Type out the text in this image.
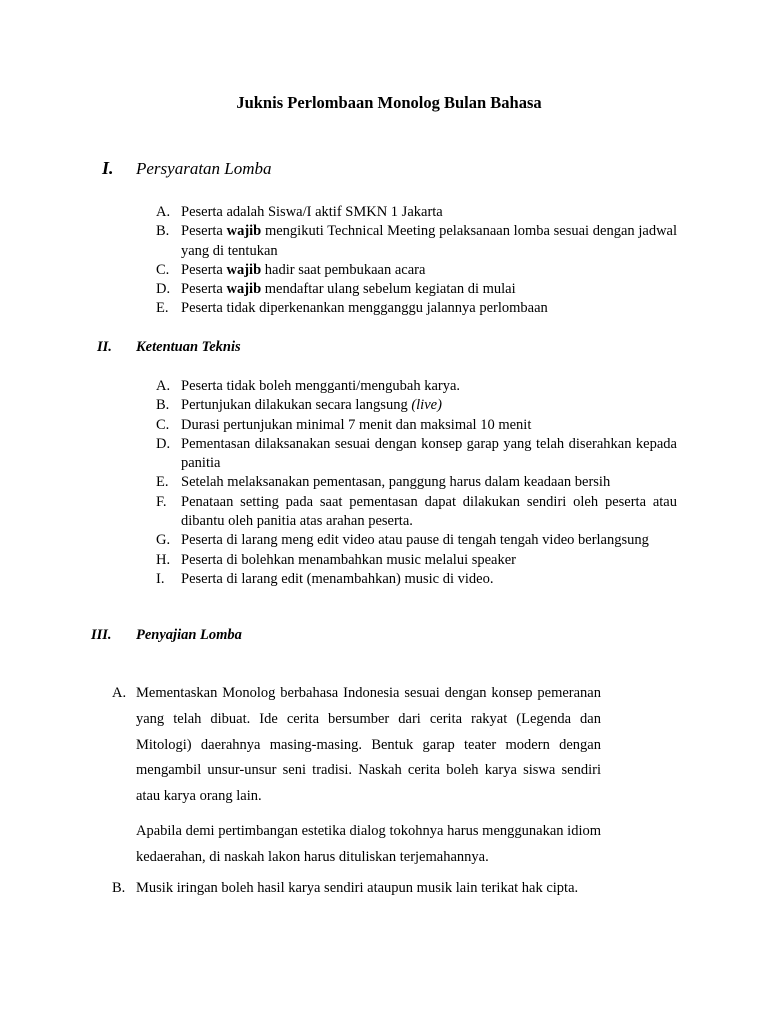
Juknis Perlombaan Monolog Bulan Bahasa
I. Persyaratan Lomba
A. Peserta adalah Siswa/I aktif SMKN 1 Jakarta
B. Peserta wajib mengikuti Technical Meeting pelaksanaan lomba sesuai dengan jadwal yang di tentukan
C. Peserta wajib hadir saat pembukaan acara
D. Peserta wajib mendaftar ulang sebelum kegiatan di mulai
E. Peserta tidak diperkenankan mengganggu jalannya perlombaan
II. Ketentuan Teknis
A. Peserta tidak boleh mengganti/mengubah karya.
B. Pertunjukan dilakukan secara langsung (live)
C. Durasi pertunjukan minimal 7 menit dan maksimal 10 menit
D. Pementasan dilaksanakan sesuai dengan konsep garap yang telah diserahkan kepada panitia
E. Setelah melaksanakan pementasan, panggung harus dalam keadaan bersih
F. Penataan setting pada saat pementasan dapat dilakukan sendiri oleh peserta atau dibantu oleh panitia atas arahan peserta.
G. Peserta di larang meng edit video atau pause di tengah tengah video berlangsung
H. Peserta di bolehkan menambahkan music melalui speaker
I. Peserta di larang edit (menambahkan) music di video.
III. Penyajian Lomba
A. Mementaskan Monolog berbahasa Indonesia sesuai dengan konsep pemeranan yang telah dibuat. Ide cerita bersumber dari cerita rakyat (Legenda dan Mitologi) daerahnya masing-masing. Bentuk garap teater modern dengan mengambil unsur-unsur seni tradisi. Naskah cerita boleh karya siswa sendiri atau karya orang lain.

Apabila demi pertimbangan estetika dialog tokohnya harus menggunakan idiom kedaerahan, di naskah lakon harus dituliskan terjemahannya.

B. Musik iringan boleh hasil karya sendiri ataupun musik lain terikat hak cipta.
